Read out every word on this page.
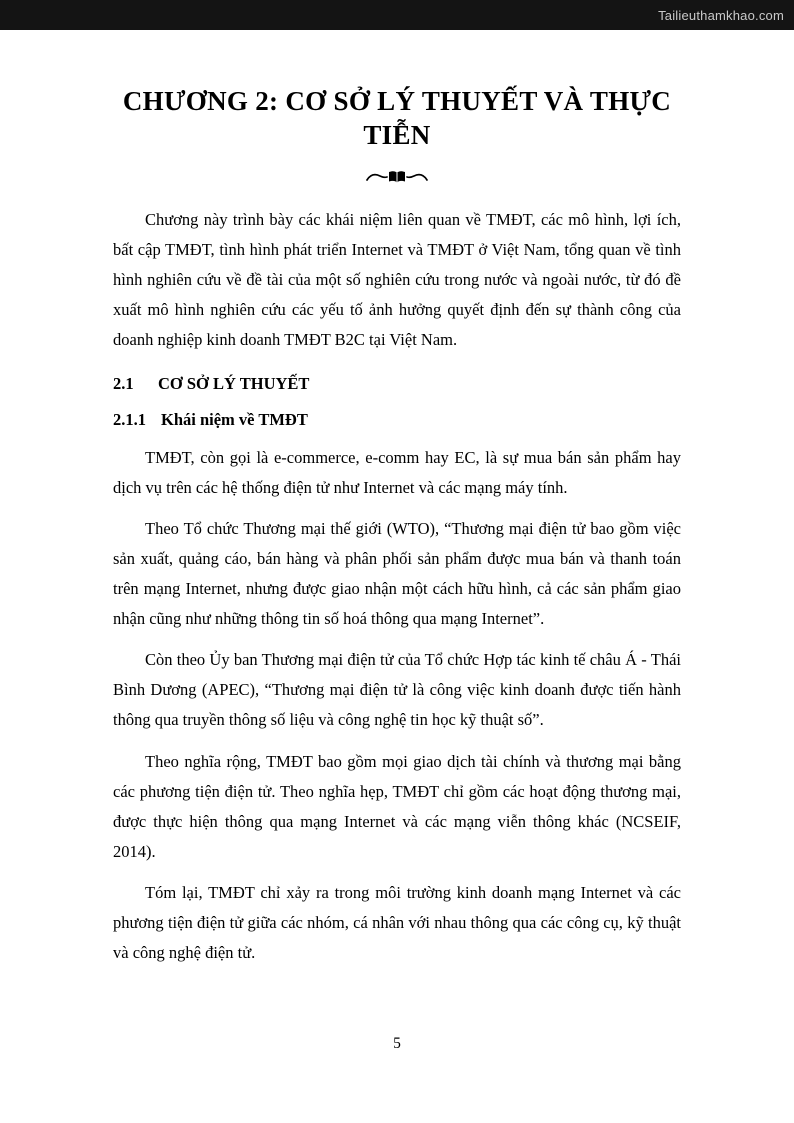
Tailieuthamkhao.com
CHƯƠNG 2: CƠ SỞ LÝ THUYẾT VÀ THỰC TIỄN

Chương này trình bày các khái niệm liên quan về TMĐT, các mô hình, lợi ích, bất cập TMĐT, tình hình phát triển Internet và TMĐT ở Việt Nam, tổng quan về tình hình nghiên cứu về đề tài của một số nghiên cứu trong nước và ngoài nước, từ đó đề xuất mô hình nghiên cứu các yếu tố ảnh hưởng quyết định đến sự thành công của doanh nghiệp kinh doanh TMĐT B2C tại Việt Nam.

2.1 CƠ SỞ LÝ THUYẾT
2.1.1 Khái niệm về TMĐT

TMĐT, còn gọi là e-commerce, e-comm hay EC, là sự mua bán sản phẩm hay dịch vụ trên các hệ thống điện tử như Internet và các mạng máy tính.

Theo Tổ chức Thương mại thế giới (WTO), “Thương mại điện tử bao gồm việc sản xuất, quảng cáo, bán hàng và phân phối sản phẩm được mua bán và thanh toán trên mạng Internet, nhưng được giao nhận một cách hữu hình, cả các sản phẩm giao nhận cũng như những thông tin số hoá thông qua mạng Internet”.

Còn theo Ủy ban Thương mại điện tử của Tổ chức Hợp tác kinh tế châu Á - Thái Bình Dương (APEC), “Thương mại điện tử là công việc kinh doanh được tiến hành thông qua truyền thông số liệu và công nghệ tin học kỹ thuật số”.

Theo nghĩa rộng, TMĐT bao gồm mọi giao dịch tài chính và thương mại bằng các phương tiện điện tử. Theo nghĩa hẹp, TMĐT chỉ gồm các hoạt động thương mại, được thực hiện thông qua mạng Internet và các mạng viễn thông khác (NCSEIF, 2014).

Tóm lại, TMĐT chỉ xảy ra trong môi trường kinh doanh mạng Internet và các phương tiện điện tử giữa các nhóm, cá nhân với nhau thông qua các công cụ, kỹ thuật và công nghệ điện tử.

5
